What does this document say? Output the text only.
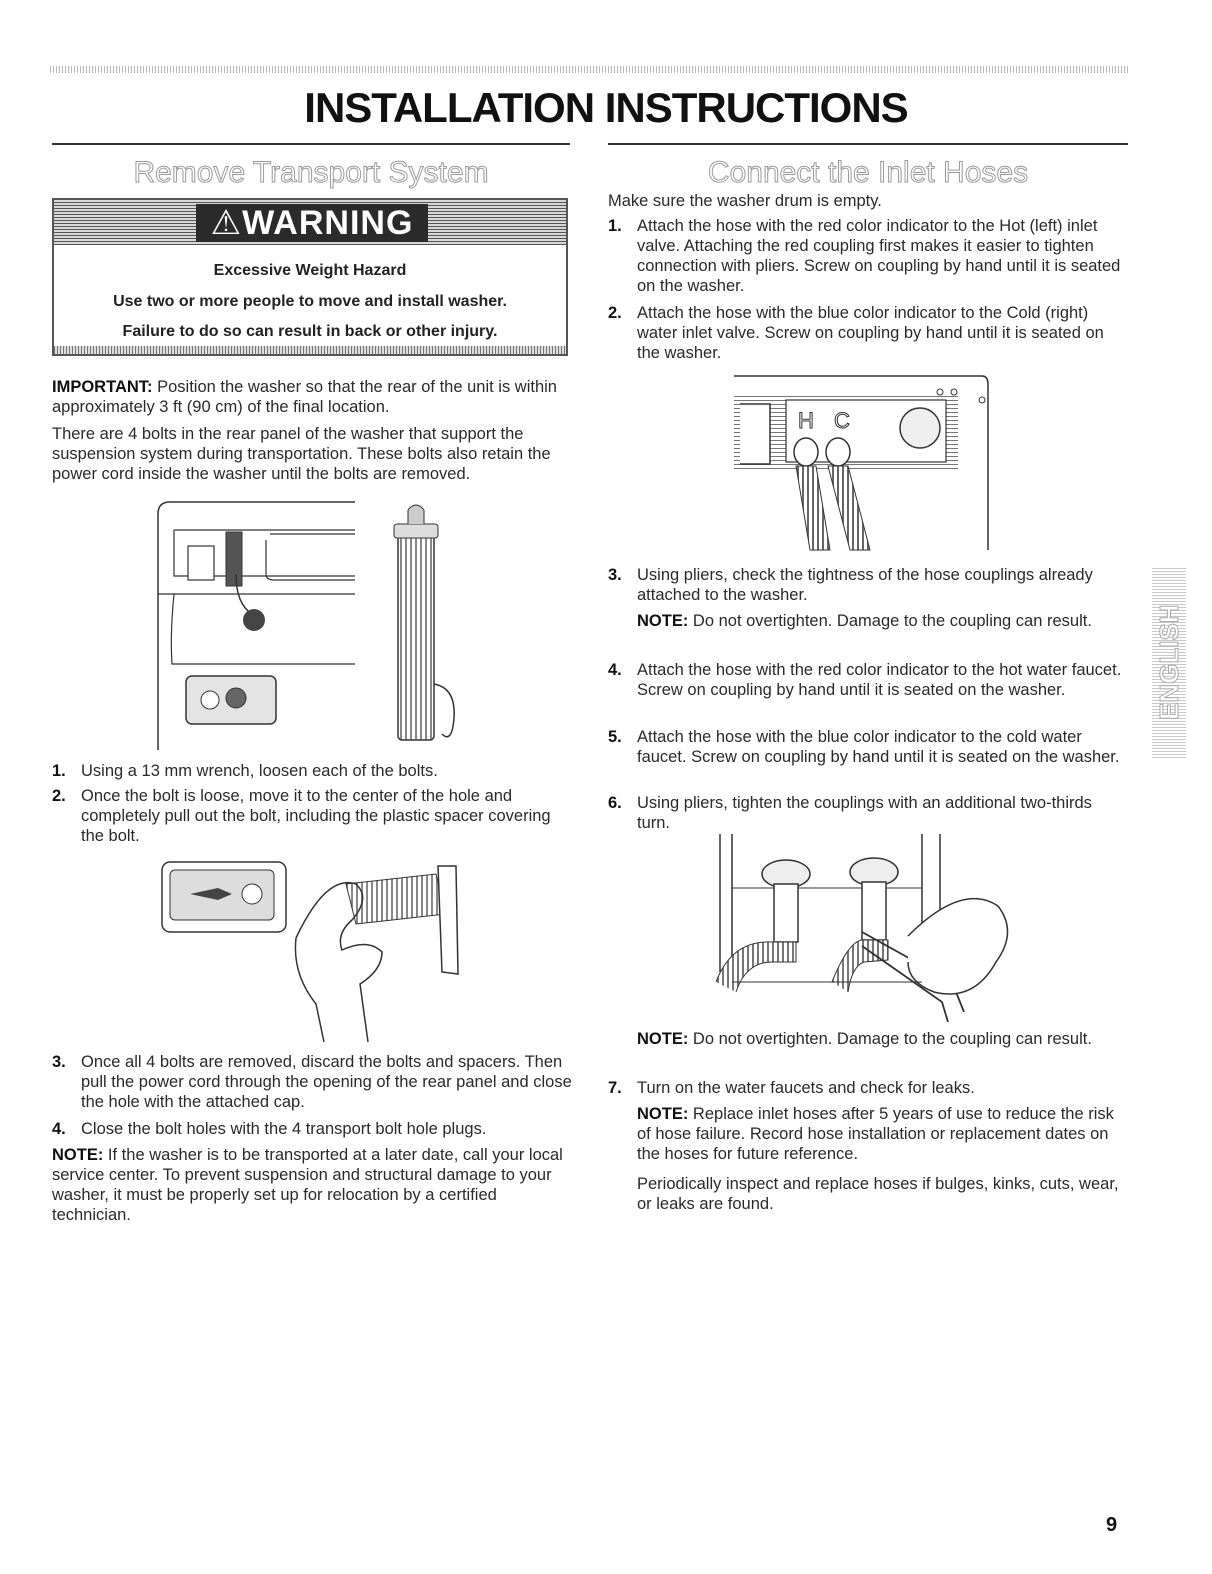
INSTALLATION INSTRUCTIONS
Remove Transport System
⚠WARNING
Excessive Weight Hazard
Use two or more people to move and install washer.
Failure to do so can result in back or other injury.

IMPORTANT: Position the washer so that the rear of the unit is within approximately 3 ft (90 cm) of the final location.

There are 4 bolts in the rear panel of the washer that support the suspension system during transportation. These bolts also retain the power cord inside the washer until the bolts are removed.

1. Using a 13 mm wrench, loosen each of the bolts.
2. Once the bolt is loose, move it to the center of the hole and completely pull out the bolt, including the plastic spacer covering the bolt.
3. Once all 4 bolts are removed, discard the bolts and spacers. Then pull the power cord through the opening of the rear panel and close the hole with the attached cap.
4. Close the bolt holes with the 4 transport bolt hole plugs.

NOTE: If the washer is to be transported at a later date, call your local service center. To prevent suspension and structural damage to your washer, it must be properly set up for relocation by a certified technician.

Connect the Inlet Hoses

Make sure the washer drum is empty.

1. Attach the hose with the red color indicator to the Hot (left) inlet valve. Attaching the red coupling first makes it easier to tighten connection with pliers. Screw on coupling by hand until it is seated on the washer.
2. Attach the hose with the blue color indicator to the Cold (right) water inlet valve. Screw on coupling by hand until it is seated on the washer.
H C
3. Using pliers, check the tightness of the hose couplings already attached to the washer.

NOTE: Do not overtighten. Damage to the coupling can result.

4. Attach the hose with the red color indicator to the hot water faucet. Screw on coupling by hand until it is seated on the washer.
5. Attach the hose with the blue color indicator to the cold water faucet. Screw on coupling by hand until it is seated on the washer.
6. Using pliers, tighten the couplings with an additional two-thirds turn.

NOTE: Do not overtighten. Damage to the coupling can result.

7. Turn on the water faucets and check for leaks.

NOTE: Replace inlet hoses after 5 years of use to reduce the risk of hose failure. Record hose installation or replacement dates on the hoses for future reference.

Periodically inspect and replace hoses if bulges, kinks, cuts, wear, or leaks are found.

ENGLISH
9
